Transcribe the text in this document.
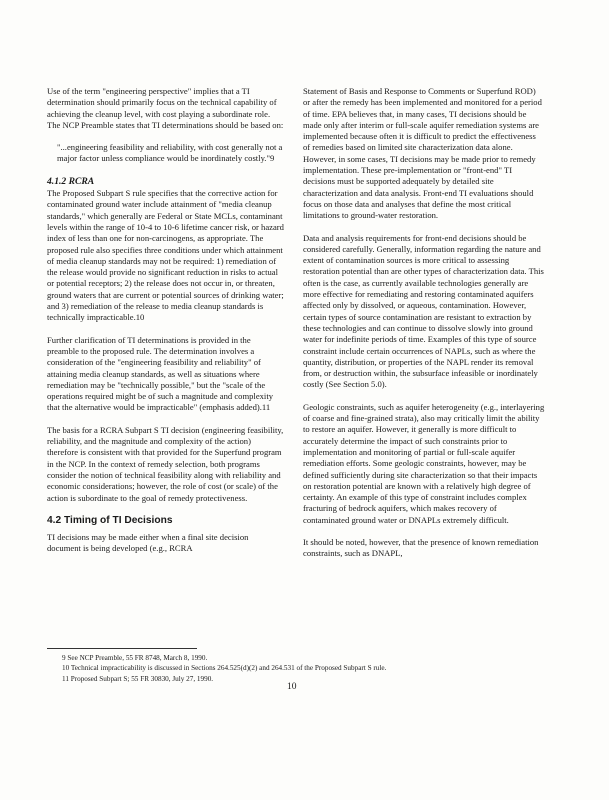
Use of the term "engineering perspective" implies that a TI determination should primarily focus on the technical capability of achieving the cleanup level, with cost playing a subordinate role. The NCP Preamble states that TI determinations should be based on:

"...engineering feasibility and reliability, with cost generally not a major factor unless compliance would be inordinately costly."9

4.1.2 RCRA

The Proposed Subpart S rule specifies that the corrective action for contaminated ground water include attainment of "media cleanup standards," which generally are Federal or State MCLs, contaminant levels within the range of 10-4 to 10-6 lifetime cancer risk, or hazard index of less than one for non-carcinogens, as appropriate. The proposed rule also specifies three conditions under which attainment of media cleanup standards may not be required: 1) remediation of the release would provide no significant reduction in risks to actual or potential receptors; 2) the release does not occur in, or threaten, ground waters that are current or potential sources of drinking water; and 3) remediation of the release to media cleanup standards is technically impracticable.10

Further clarification of TI determinations is provided in the preamble to the proposed rule. The determination involves a consideration of the "engineering feasibility and reliability" of attaining media cleanup standards, as well as situations where remediation may be "technically possible," but the "scale of the operations required might be of such a magnitude and complexity that the alternative would be impracticable" (emphasis added).11

The basis for a RCRA Subpart S TI decision (engineering feasibility, reliability, and the magnitude and complexity of the action) therefore is consistent with that provided for the Superfund program in the NCP. In the context of remedy selection, both programs consider the notion of technical feasibility along with reliability and economic considerations; however, the role of cost (or scale) of the action is subordinate to the goal of remedy protectiveness.

4.2 Timing of TI Decisions

TI decisions may be made either when a final site decision document is being developed (e.g., RCRA

Statement of Basis and Response to Comments or Superfund ROD) or after the remedy has been implemented and monitored for a period of time. EPA believes that, in many cases, TI decisions should be made only after interim or full-scale aquifer remediation systems are implemented because often it is difficult to predict the effectiveness of remedies based on limited site characterization data alone. However, in some cases, TI decisions may be made prior to remedy implementation. These pre-implementation or "front-end" TI decisions must be supported adequately by detailed site characterization and data analysis. Front-end TI evaluations should focus on those data and analyses that define the most critical limitations to ground-water restoration.

Data and analysis requirements for front-end decisions should be considered carefully. Generally, information regarding the nature and extent of contamination sources is more critical to assessing restoration potential than are other types of characterization data. This often is the case, as currently available technologies generally are more effective for remediating and restoring contaminated aquifers affected only by dissolved, or aqueous, contamination. However, certain types of source contamination are resistant to extraction by these technologies and can continue to dissolve slowly into ground water for indefinite periods of time. Examples of this type of source constraint include certain occurrences of NAPLs, such as where the quantity, distribution, or properties of the NAPL render its removal from, or destruction within, the subsurface infeasible or inordinately costly (See Section 5.0).

Geologic constraints, such as aquifer heterogeneity (e.g., interlayering of coarse and fine-grained strata), also may critically limit the ability to restore an aquifer. However, it generally is more difficult to accurately determine the impact of such constraints prior to implementation and monitoring of partial or full-scale aquifer remediation efforts. Some geologic constraints, however, may be defined sufficiently during site characterization so that their impacts on restoration potential are known with a relatively high degree of certainty. An example of this type of constraint includes complex fracturing of bedrock aquifers, which makes recovery of contaminated ground water or DNAPLs extremely difficult.

It should be noted, however, that the presence of known remediation constraints, such as DNAPL,

9 See NCP Preamble, 55 FR 8748, March 8, 1990.
10 Technical impracticability is discussed in Sections 264.525(d)(2) and 264.531 of the Proposed Subpart S rule.
11 Proposed Subpart S; 55 FR 30830, July 27, 1990.
10
